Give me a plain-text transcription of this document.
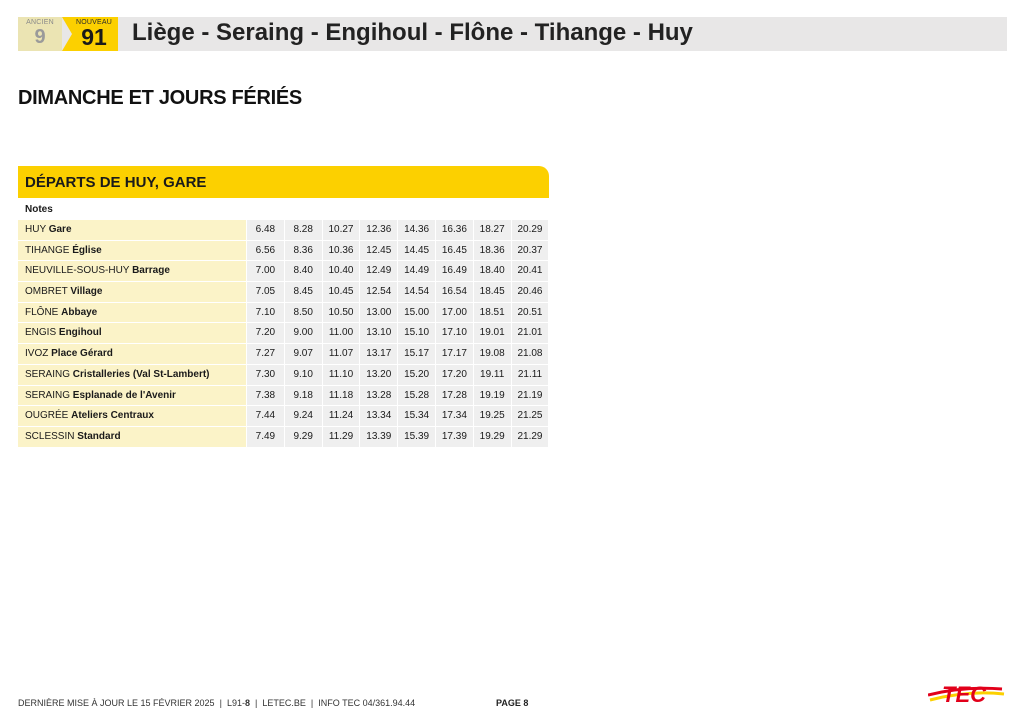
ANCIEN
9
NOUVEAU
91	Liège - Seraing - Engihoul - Flône - Tihange - Huy
DIMANCHE ET JOURS FÉRIÉS
DÉPARTS DE HUY, GARE
Notes
HUY Gare	6.48	8.28	10.27	12.36	14.36	16.36	18.27	20.29
TIHANGE Église	6.56	8.36	10.36	12.45	14.45	16.45	18.36	20.37
NEUVILLE-SOUS-HUY Barrage	7.00	8.40	10.40	12.49	14.49	16.49	18.40	20.41
OMBRET Village	7.05	8.45	10.45	12.54	14.54	16.54	18.45	20.46
FLÔNE Abbaye	7.10	8.50	10.50	13.00	15.00	17.00	18.51	20.51
ENGIS Engihoul	7.20	9.00	11.00	13.10	15.10	17.10	19.01	21.01
IVOZ Place Gérard	7.27	9.07	11.07	13.17	15.17	17.17	19.08	21.08
SERAING Cristalleries (Val St-Lambert)	7.30	9.10	11.10	13.20	15.20	17.20	19.11	21.11
SERAING Esplanade de l'Avenir	7.38	9.18	11.18	13.28	15.28	17.28	19.19	21.19
OUGRÉE Ateliers Centraux	7.44	9.24	11.24	13.34	15.34	17.34	19.25	21.25
SCLESSIN Standard	7.49	9.29	11.29	13.39	15.39	17.39	19.29	21.29
DERNIÈRE MISE À JOUR LE 15 FÉVRIER 2025 | L91-8 | LETEC.BE | INFO TEC 04/361.94.44	PAGE 8	TEC
